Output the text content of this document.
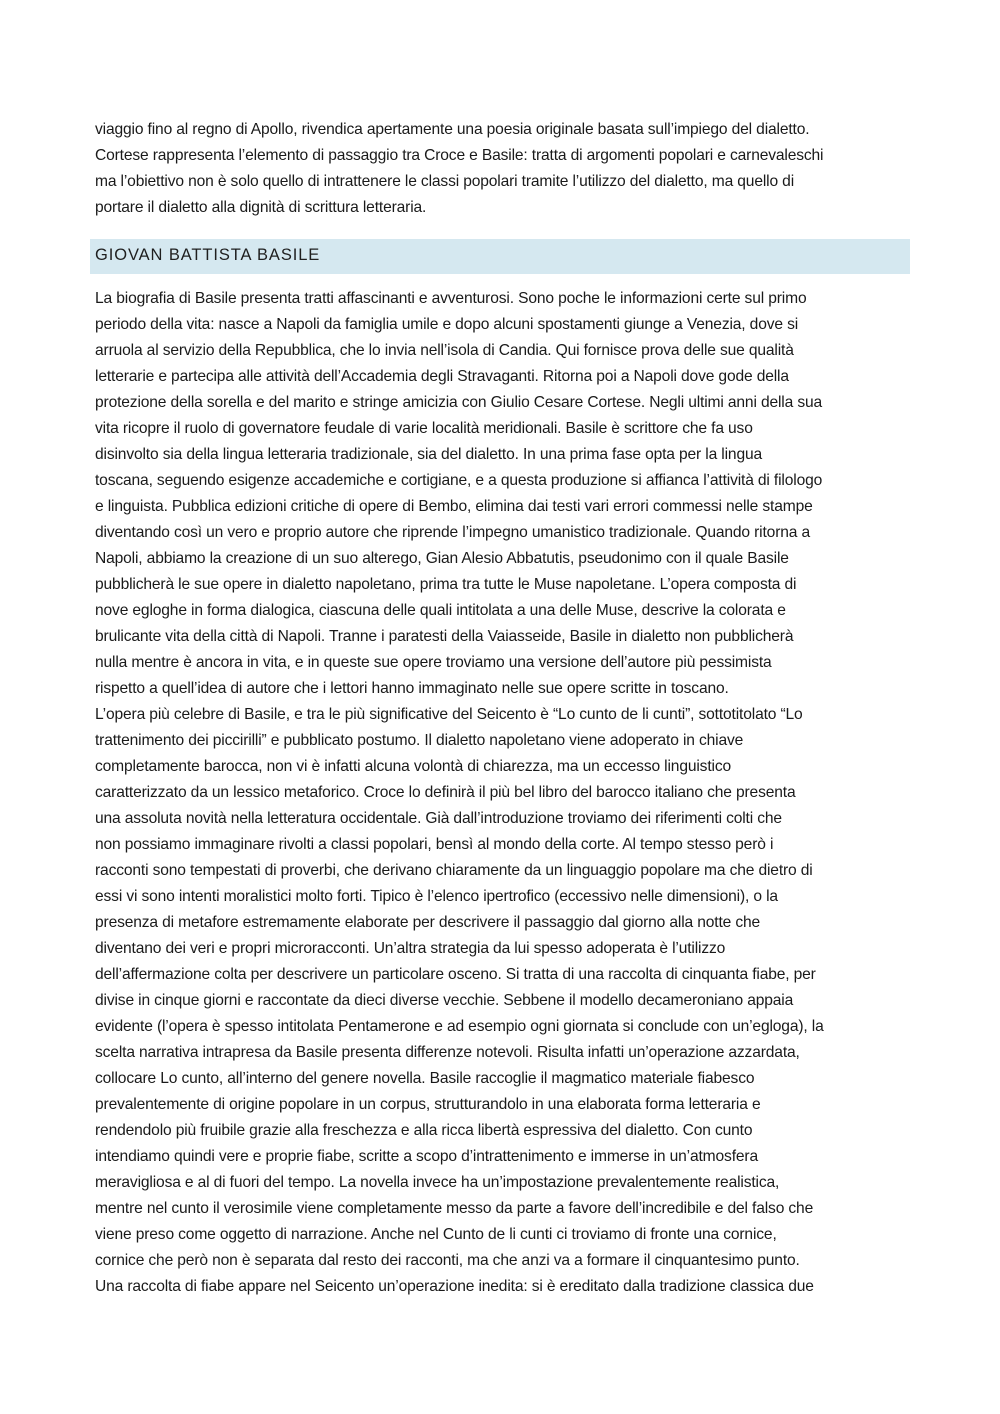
viaggio fino al regno di Apollo, rivendica apertamente una poesia originale basata sull’impiego del dialetto.
Cortese rappresenta l’elemento di passaggio tra Croce e Basile: tratta di argomenti popolari e carnevaleschi
ma l’obiettivo non è solo quello di intrattenere le classi popolari tramite l’utilizzo del dialetto, ma quello di
portare il dialetto alla dignità di scrittura letteraria.
GIOVAN BATTISTA BASILE
La biografia di Basile presenta tratti affascinanti e avventurosi. Sono poche le informazioni certe sul primo
periodo della vita: nasce a Napoli da famiglia umile e dopo alcuni spostamenti giunge a Venezia, dove si
arruola al servizio della Repubblica, che lo invia nell’isola di Candia. Qui fornisce prova delle sue qualità
letterarie e partecipa alle attività dell’Accademia degli Stravaganti. Ritorna poi a Napoli dove gode della
protezione della sorella e del marito e stringe amicizia con Giulio Cesare Cortese. Negli ultimi anni della sua
vita ricopre il ruolo di governatore feudale di varie località meridionali. Basile è scrittore che fa uso
disinvolto sia della lingua letteraria tradizionale, sia del dialetto. In una prima fase opta per la lingua
toscana, seguendo esigenze accademiche e cortigiane, e a questa produzione si affianca l’attività di filologo
e linguista. Pubblica edizioni critiche di opere di Bembo, elimina dai testi vari errori commessi nelle stampe
diventando così un vero e proprio autore che riprende l’impegno umanistico tradizionale. Quando ritorna a
Napoli, abbiamo la creazione di un suo alterego, Gian Alesio Abbatutis, pseudonimo con il quale Basile
pubblicherà le sue opere in dialetto napoletano, prima tra tutte le Muse napoletane. L’opera composta di
nove egloghe in forma dialogica, ciascuna delle quali intitolata a una delle Muse, descrive la colorata e
brulicante vita della città di Napoli. Tranne i paratesti della Vaiasseide, Basile in dialetto non pubblicherà
nulla mentre è ancora in vita, e in queste sue opere troviamo una versione dell’autore più pessimista
rispetto a quell’idea di autore che i lettori hanno immaginato nelle sue opere scritte in toscano.
L’opera più celebre di Basile, e tra le più significative del Seicento è “Lo cunto de li cunti”, sottotitolato “Lo
trattenimento dei piccirilli” e pubblicato postumo. Il dialetto napoletano viene adoperato in chiave
completamente barocca, non vi è infatti alcuna volontà di chiarezza, ma un eccesso linguistico
caratterizzato da un lessico metaforico. Croce lo definirà il più bel libro del barocco italiano che presenta
una assoluta novità nella letteratura occidentale. Già dall’introduzione troviamo dei riferimenti colti che
non possiamo immaginare rivolti a classi popolari, bensì al mondo della corte. Al tempo stesso però i
racconti sono tempestati di proverbi, che derivano chiaramente da un linguaggio popolare ma che dietro di
essi vi sono intenti moralistici molto forti. Tipico è l’elenco ipertrofico (eccessivo nelle dimensioni), o la
presenza di metafore estremamente elaborate per descrivere il passaggio dal giorno alla notte che
diventano dei veri e propri microracconti. Un’altra strategia da lui spesso adoperata è l’utilizzo
dell’affermazione colta per descrivere un particolare osceno. Si tratta di una raccolta di cinquanta fiabe, per
divise in cinque giorni e raccontate da dieci diverse vecchie. Sebbene il modello decameroniano appaia
evidente (l’opera è spesso intitolata Pentamerone e ad esempio ogni giornata si conclude con un’egloga), la
scelta narrativa intrapresa da Basile presenta differenze notevoli. Risulta infatti un’operazione azzardata,
collocare Lo cunto, all’interno del genere novella. Basile raccoglie il magmatico materiale fiabesco
prevalentemente di origine popolare in un corpus, strutturandolo in una elaborata forma letteraria e
rendendolo più fruibile grazie alla freschezza e alla ricca libertà espressiva del dialetto. Con cunto
intendiamo quindi vere e proprie fiabe, scritte a scopo d’intrattenimento e immerse in un’atmosfera
meravigliosa e al di fuori del tempo. La novella invece ha un’impostazione prevalentemente realistica,
mentre nel cunto il verosimile viene completamente messo da parte a favore dell’incredibile e del falso che
viene preso come oggetto di narrazione. Anche nel Cunto de li cunti ci troviamo di fronte una cornice,
cornice che però non è separata dal resto dei racconti, ma che anzi va a formare il cinquantesimo punto.
Una raccolta di fiabe appare nel Seicento un’operazione inedita: si è ereditato dalla tradizione classica due
